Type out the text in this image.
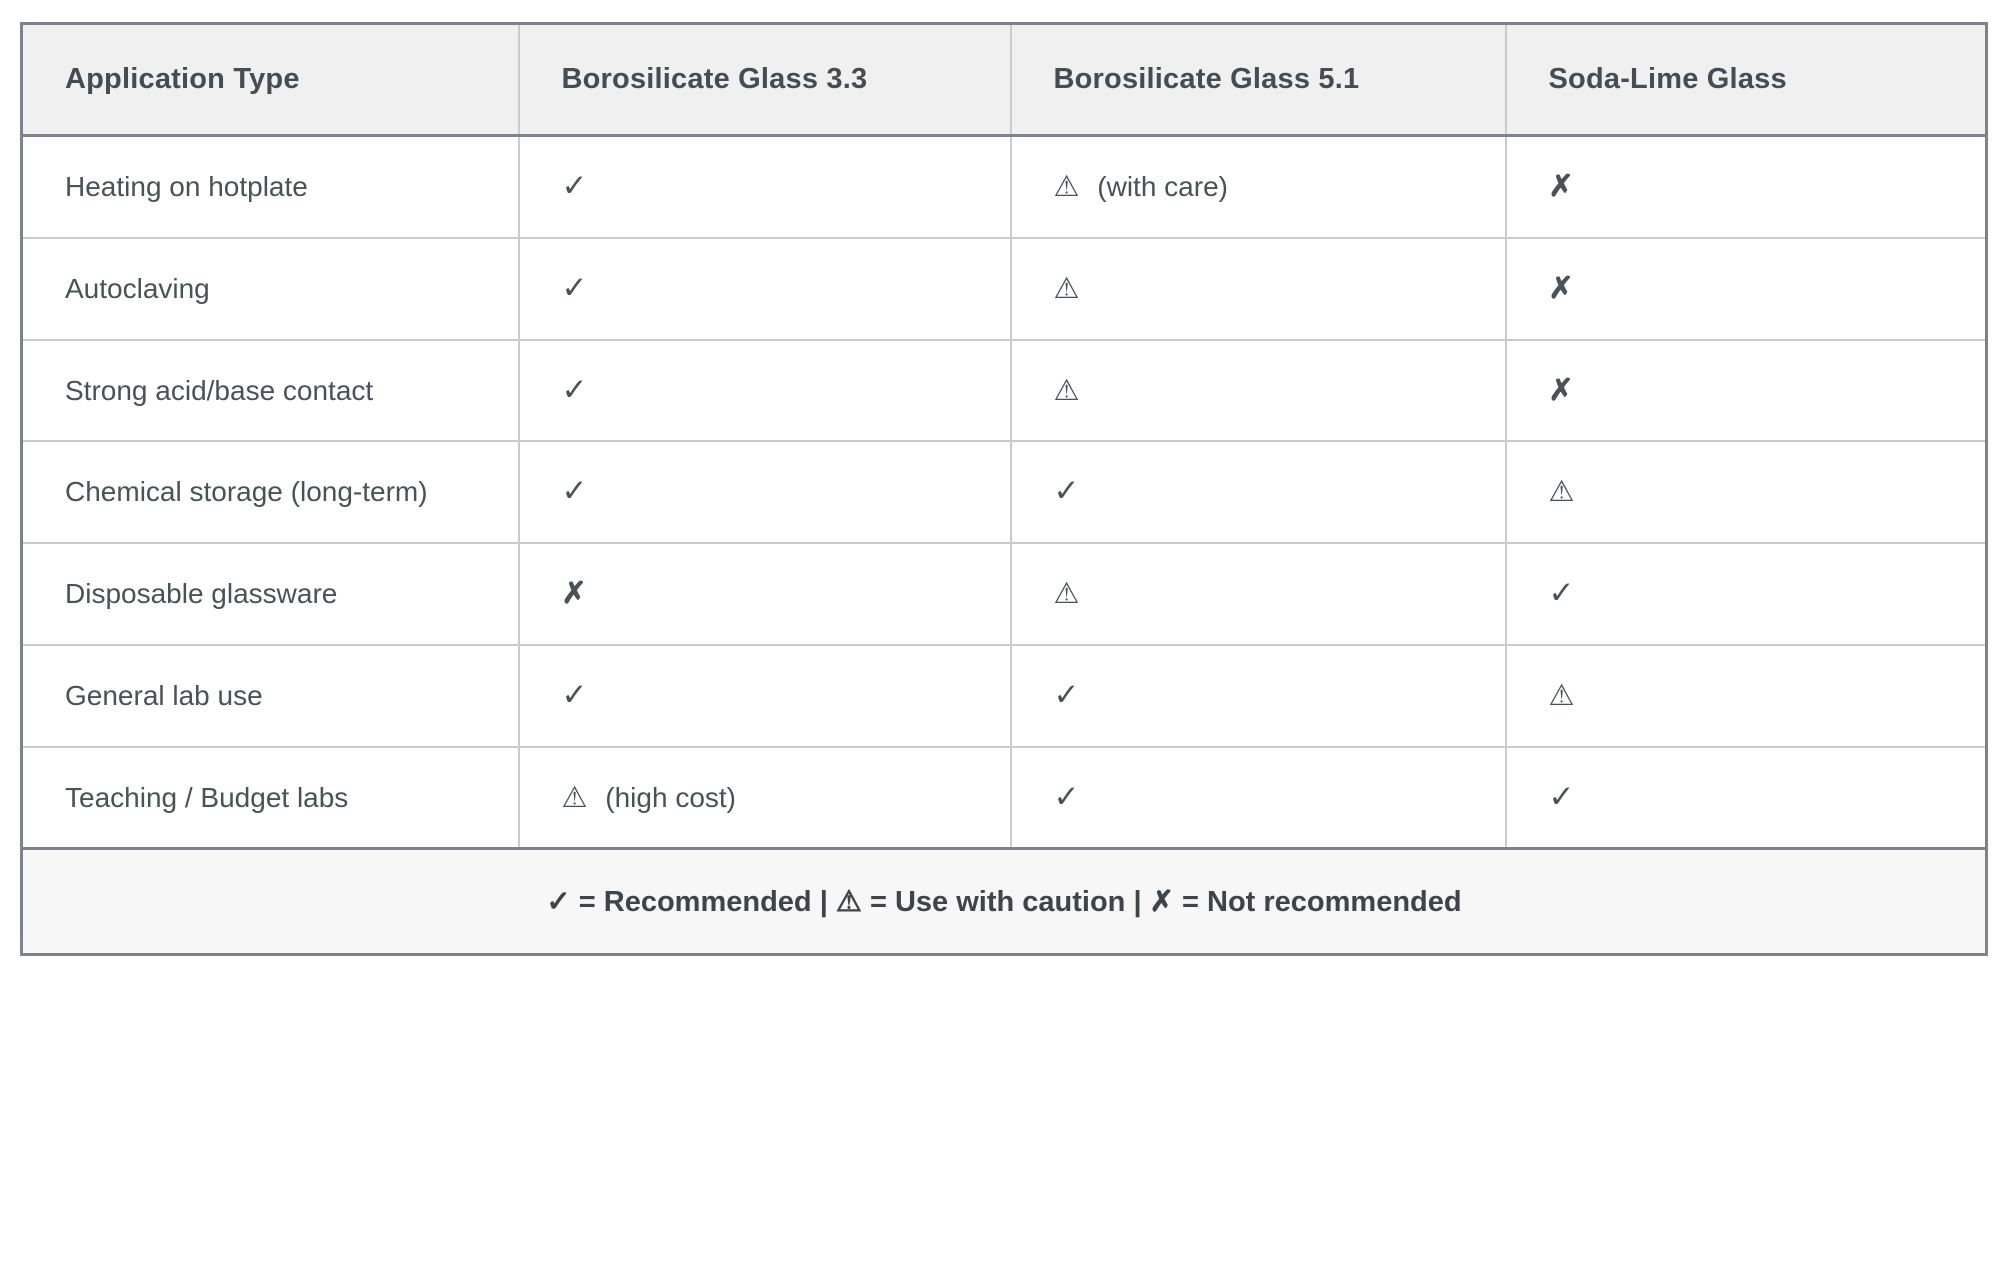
Application Type	Borosilicate Glass 3.3	Borosilicate Glass 5.1	Soda-Lime Glass
Heating on hotplate	✓	⚠ (with care)	✗
Autoclaving	✓	⚠	✗
Strong acid/base contact	✓	⚠	✗
Chemical storage (long-term)	✓	✓	⚠
Disposable glassware	✗	⚠	✓
General lab use	✓	✓	⚠
Teaching / Budget labs	⚠ (high cost)	✓	✓
✓ = Recommended | ⚠ = Use with caution | ✗ = Not recommended			
